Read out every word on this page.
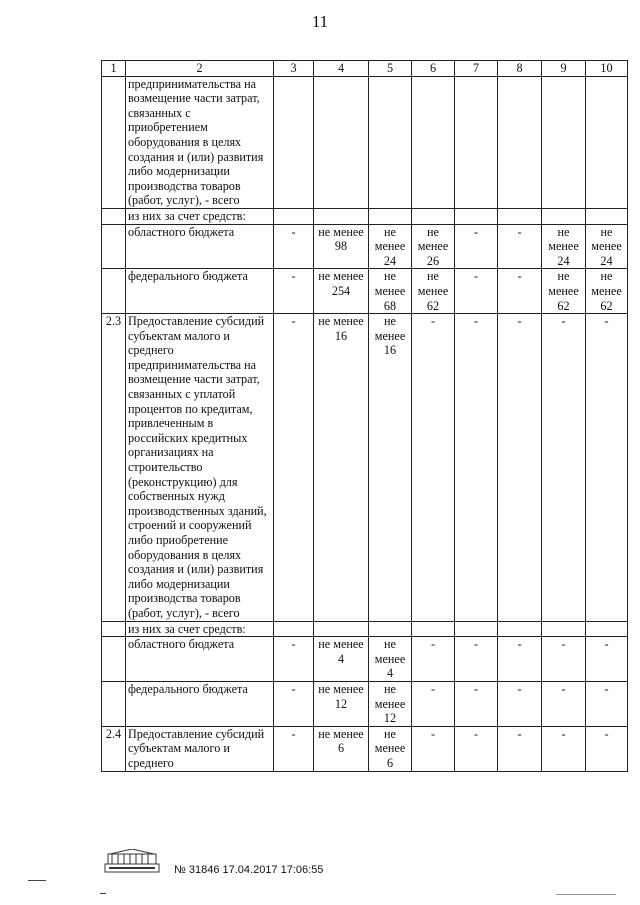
11
1	2	3	4	5	6	7	8	9	10
	предпринимательства на возмещение части затрат, связанных с приобретением оборудования в целях создания и (или) развития либо модернизации производства товаров (работ, услуг), - всего								
	из них за счет средств:								
	областного бюджета	-	не менее 98	не менее 24	не менее 26	-	-	не менее 24	не менее 24
	федерального бюджета	-	не менее 254	не менее 68	не менее 62	-	-	не менее 62	не менее 62
2.3	Предоставление субсидий субъектам малого и среднего предпринимательства на возмещение части затрат, связанных с уплатой процентов по кредитам, привлеченным в российских кредитных организациях на строительство (реконструкцию) для собственных нужд производственных зданий, строений и сооружений либо приобретение оборудования в целях создания и (или) развития либо модернизации производства товаров (работ, услуг), - всего	-	не менее 16	не менее 16	-	-	-	-	-
	из них за счет средств:								
	областного бюджета	-	не менее 4	не менее 4	-	-	-	-	-
	федерального бюджета	-	не менее 12	не менее 12	-	-	-	-	-
2.4	Предоставление субсидий субъектам малого и среднего	-	не менее 6	не менее 6	-	-	-	-	-
№ 31846 17.04.2017 17:06:55
